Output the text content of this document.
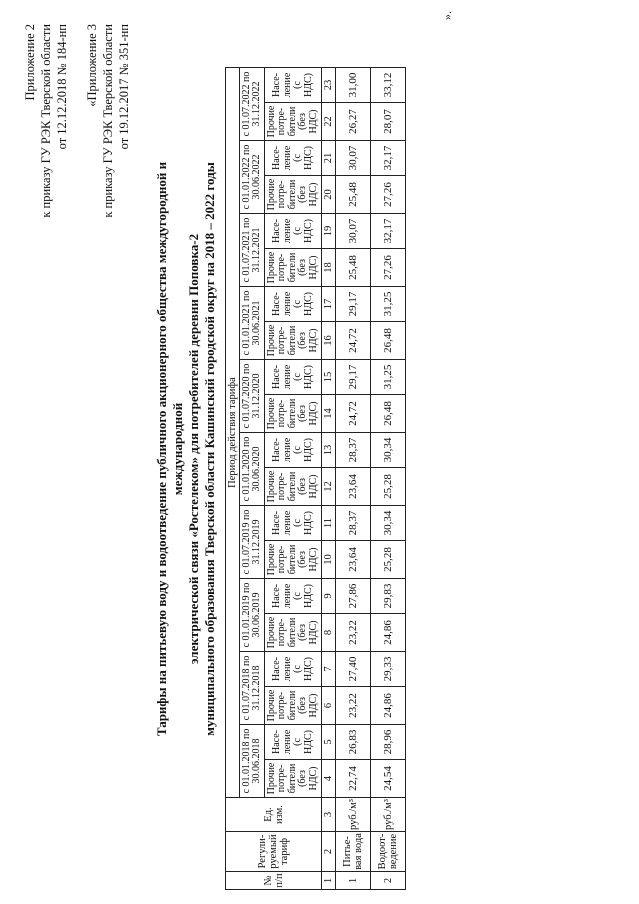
Приложение 2 к приказу ГУ РЭК Тверской области от 12.12.2018 № 184-нп «Приложение 3 к приказу ГУ РЭК Тверской области от 19.12.2017 № 351-нп
Тарифы на питьевую воду и водоотведение публичного акционерного общества междугородной и международной электрической связи «Ростелеком» для потребителей деревни Поповка-2 муниципального образования Тверской области Кашинский городской округ на 2018 – 2022 годы
№ п/п	Регули-руемый тариф	Ед. изм.	Период действия тарифа																			
			с 01.01.2018 по 30.06.2018		с 01.07.2018 по 31.12.2018		с 01.01.2019 по 30.06.2019		с 01.07.2019 по 31.12.2019		с 01.01.2020 по 30.06.2020		с 01.07.2020 по 31.12.2020		с 01.01.2021 по 30.06.2021		с 01.07.2021 по 31.12.2021		с 01.01.2022 по 30.06.2022		с 01.07.2022 по 31.12.2022	
			Прочие потре-бители (без НДС)	Насе-ление (с НДС)	Прочие потре-бители (без НДС)	Насе-ление (с НДС)	Прочие потре-бители (без НДС)	Насе-ление (с НДС)	Прочие потре-бители (без НДС)	Насе-ление (с НДС)	Прочие потре-бители (без НДС)	Насе-ление (с НДС)	Прочие потре-бители (без НДС)	Насе-ление (с НДС)	Прочие потре-бители (без НДС)	Насе-ление (с НДС)	Прочие потре-бители (без НДС)	Насе-ление (с НДС)	Прочие потре-бители (без НДС)	Насе-ление (с НДС)	Прочие потре-бители (без НДС)	Насе-ление (с НДС)
1	2	3	4	5	6	7	8	9	10	11	12	13	14	15	16	17	18	19	20	21	22	23
1	Питье-вая вода	руб./м³	22,74	26,83	23,22	27,40	23,22	27,86	23,64	28,37	23,64	28,37	24,72	29,17	24,72	29,17	25,48	30,07	25,48	30,07	26,27	31,00
2	Водоот-ведение	руб./м³	24,54	28,96	24,86	29,33	24,86	29,83	25,28	30,34	25,28	30,34	26,48	31,25	26,48	31,25	27,26	32,17	27,26	32,17	28,07	33,12
».
